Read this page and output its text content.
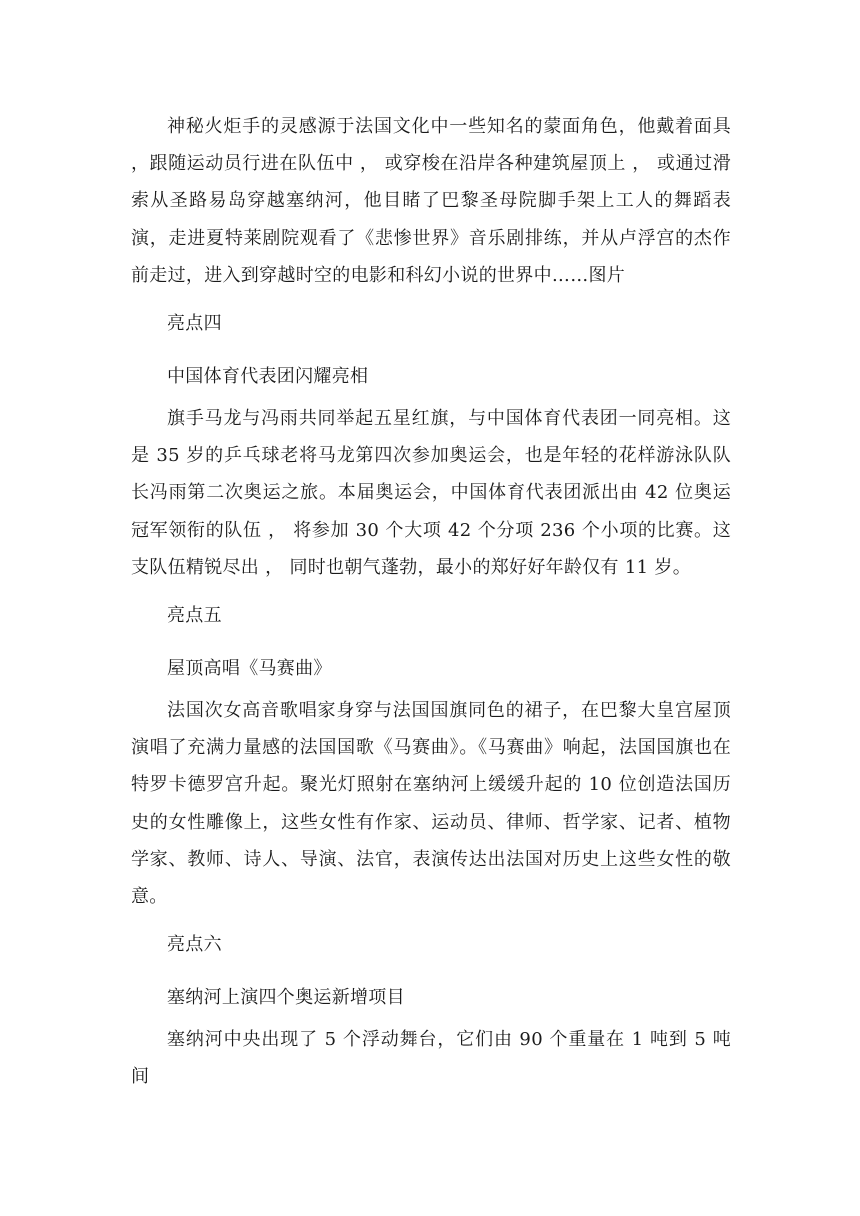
神秘火炬手的灵感源于法国文化中一些知名的蒙面角色，他戴着面具 ，跟随运动员行进在队伍中 ， 或穿梭在沿岸各种建筑屋顶上 ， 或通过滑索从圣路易岛穿越塞纳河，他目睹了巴黎圣母院脚手架上工人的舞蹈表演，走进夏特莱剧院观看了《悲惨世界》音乐剧排练，并从卢浮宫的杰作前走过，进入到穿越时空的电影和科幻小说的世界中……图片

亮点四

中国体育代表团闪耀亮相

旗手马龙与冯雨共同举起五星红旗，与中国体育代表团一同亮相。这是 35 岁的乒乓球老将马龙第四次参加奥运会，也是年轻的花样游泳队队长冯雨第二次奥运之旅。本届奥运会，中国体育代表团派出由 42 位奥运冠军领衔的队伍 ， 将参加 30 个大项 42 个分项 236 个小项的比赛。这支队伍精锐尽出 ， 同时也朝气蓬勃，最小的郑好好年龄仅有 11 岁。

亮点五

屋顶高唱《马赛曲》

法国次女高音歌唱家身穿与法国国旗同色的裙子，在巴黎大皇宫屋顶演唱了充满力量感的法国国歌《马赛曲》。《马赛曲》响起，法国国旗也在特罗卡德罗宫升起。聚光灯照射在塞纳河上缓缓升起的 10 位创造法国历史的女性雕像上，这些女性有作家、运动员、律师、哲学家、记者、植物学家、教师、诗人、导演、法官，表演传达出法国对历史上这些女性的敬意。

亮点六

塞纳河上演四个奥运新增项目

塞纳河中央出现了 5 个浮动舞台，它们由 90 个重量在 1 吨到 5 吨间
